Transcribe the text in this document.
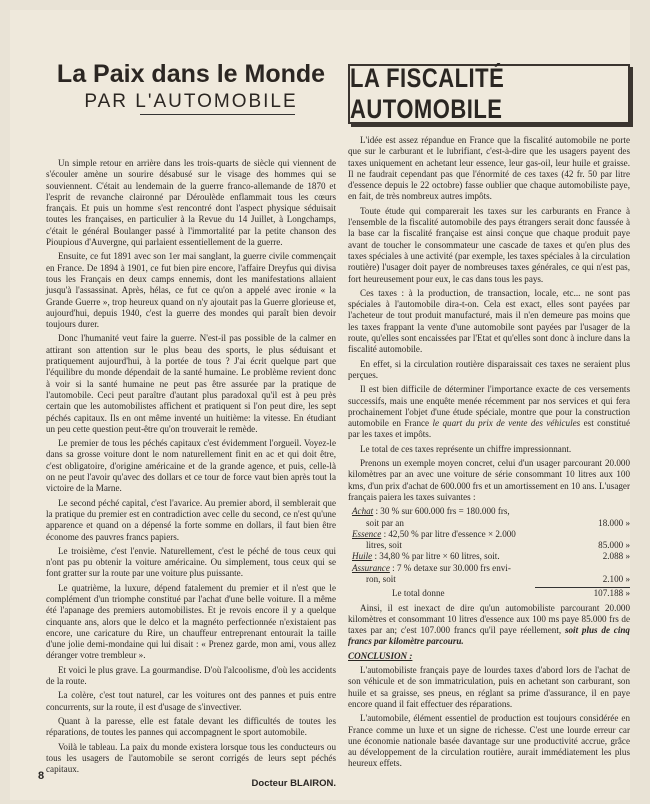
La Paix dans le Monde
PAR L'AUTOMOBILE

Un simple retour en arrière dans les trois-quarts de siècle qui viennent de s'écouler amène un sourire désabusé sur le visage des hommes qui se souviennent. C'était au lendemain de la guerre franco-allemande de 1870 et l'esprit de revanche claironné par Déroulède enflammait tous les cœurs français. Et puis un homme s'est rencontré dont l'aspect physique séduisait toutes les françaises, en particulier à la Revue du 14 Juillet, à Longchamps, c'était le général Boulanger passé à l'immortalité par la petite chanson des Pioupious d'Auvergne, qui parlaient essentiellement de la guerre.

Ensuite, ce fut 1891 avec son 1er mai sanglant, la guerre civile commençait en France. De 1894 à 1901, ce fut bien pire encore, l'affaire Dreyfus qui divisa tous les Français en deux camps ennemis, dont les manifestations allaient jusqu'à l'assassinat. Après, hélas, ce fut ce qu'on a appelé avec ironie « la Grande Guerre », trop heureux quand on n'y ajoutait pas la Guerre glorieuse et, aujourd'hui, depuis 1940, c'est la guerre des mondes qui paraît bien devoir toujours durer.

Donc l'humanité veut faire la guerre. N'est-il pas possible de la calmer en attirant son attention sur le plus beau des sports, le plus séduisant et pratiquement aujourd'hui, à la portée de tous ? J'ai écrit quelque part que l'équilibre du monde dépendait de la santé humaine. Le problème revient donc à voir si la santé humaine ne peut pas être assurée par la pratique de l'automobile. Ceci peut paraître d'autant plus paradoxal qu'il est à peu près certain que les automobilistes affichent et pratiquent si l'on peut dire, les sept péchés capitaux. Ils en ont même inventé un huitième: la vitesse. En étudiant un peu cette question peut-être qu'on trouverait le remède.

Le premier de tous les péchés capitaux c'est évidemment l'orgueil. Voyez-le dans sa grosse voiture dont le nom naturellement finit en ac et qui doit être, c'est obligatoire, d'origine américaine et de la grande agence, et puis, celle-là on ne peut l'avoir qu'avec des dollars et ce tour de force vaut bien après tout la victoire de la Marne.

Le second péché capital, c'est l'avarice. Au premier abord, il semblerait que la pratique du premier est en contradiction avec celle du second, ce n'est qu'une apparence et quand on a dépensé la forte somme en dollars, il faut bien être économe des pauvres francs papiers.

Le troisième, c'est l'envie. Naturellement, c'est le péché de tous ceux qui n'ont pas pu obtenir la voiture américaine. Ou simplement, tous ceux qui se font gratter sur la route par une voiture plus puissante.

Le quatrième, la luxure, dépend fatalement du premier et il n'est que le complément d'un triomphe constitué par l'achat d'une belle voiture. Il a même été l'apanage des premiers automobilistes. Et je revois encore il y a quelque cinquante ans, alors que le delco et la magnéto perfectionnée n'existaient pas encore, une caricature du Rire, un chauffeur entreprenant entourait la taille d'une jolie demi-mondaine qui lui disait : « Prenez garde, mon ami, vous allez déranger votre trembleur ».

Et voici le plus grave. La gourmandise. D'où l'alcoolisme, d'où les accidents de la route.

La colère, c'est tout naturel, car les voitures ont des pannes et puis entre concurrents, sur la route, il est d'usage de s'invectiver.

Quant à la paresse, elle est fatale devant les difficultés de toutes les réparations, de toutes les pannes qui accompagnent le sport automobile.

Voilà le tableau. La paix du monde existera lorsque tous les conducteurs ou tous les usagers de l'automobile se seront corrigés de leurs sept péchés capitaux.

Docteur BLAIRON.
LA FISCALITÉ AUTOMOBILE

L'idée est assez répandue en France que la fiscalité automobile ne porte que sur le carburant et le lubrifiant, c'est-à-dire que les usagers payent des taxes uniquement en achetant leur essence, leur gas-oil, leur huile et graisse. Il ne faudrait cependant pas que l'énormité de ces taxes (42 fr. 50 par litre d'essence depuis le 22 octobre) fasse oublier que chaque automobiliste paye, en fait, de très nombreux autres impôts.

Toute étude qui comparerait les taxes sur les carburants en France à l'ensemble de la fiscalité automobile des pays étrangers serait donc faussée à la base car la fiscalité française est ainsi conçue que chaque produit paye avant de toucher le consommateur une cascade de taxes et qu'en plus des taxes spéciales à une activité (par exemple, les taxes spéciales à la circulation routière) l'usager doit payer de nombreuses taxes générales, ce qui n'est pas, fort heureusement pour eux, le cas dans tous les pays.

Ces taxes : à la production, de transaction, locale, etc... ne sont pas spéciales à l'automobile dira-t-on. Cela est exact, elles sont payées par l'acheteur de tout produit manufacturé, mais il n'en demeure pas moins que les taxes frappant la vente d'une automobile sont payées par l'usager de la route, qu'elles sont encaissées par l'Etat et qu'elles sont donc à inclure dans la fiscalité automobile.

En effet, si la circulation routière disparaissait ces taxes ne seraient plus perçues.

Il est bien difficile de déterminer l'importance exacte de ces versements successifs, mais une enquête menée récemment par nos services et qui fera prochainement l'objet d'une étude spéciale, montre que pour la construction automobile en France le quart du prix de vente des véhicules est constitué par les taxes et impôts.

Le total de ces taxes représente un chiffre impressionnant.

Prenons un exemple moyen concret, celui d'un usager parcourant 20.000 kilomètres par an avec une voiture de série consommant 10 litres aux 100 kms, d'un prix d'achat de 600.000 frs et un amortissement en 10 ans. L'usager français paiera les taxes suivantes :

Achat : 30 % sur 600.000 frs = 180.000 frs,
soit par an	18.000 »
Essence : 42,50 % par litre d'essence × 2.000
litres, soit	85.000 »
Huile : 34,80 % par litre × 60 litres, soit.	2.088 »
Assurance : 7 % detaxe sur 30.000 frs envi-
ron, soit	2.100 »
Le total donne	107.188 »

Ainsi, il est inexact de dire qu'un automobiliste parcourant 20.000 kilomètres et consommant 10 litres d'essence aux 100 ms paye 85.000 frs de taxes par an; c'est 107.000 francs qu'il paye réellement, soit plus de cinq francs par kilomètre parcouru.

CONCLUSION :

L'automobiliste français paye de lourdes taxes d'abord lors de l'achat de son véhicule et de son immatriculation, puis en achetant son carburant, son huile et sa graisse, ses pneus, en réglant sa prime d'assurance, il en paye encore quand il fait effectuer des réparations.

L'automobile, élément essentiel de production est toujours considérée en France comme un luxe et un signe de richesse. C'est une lourde erreur car une économie nationale basée davantage sur une productivité accrue, grâce au développement de la circulation routière, aurait immédiatement les plus heureux effets.

8
